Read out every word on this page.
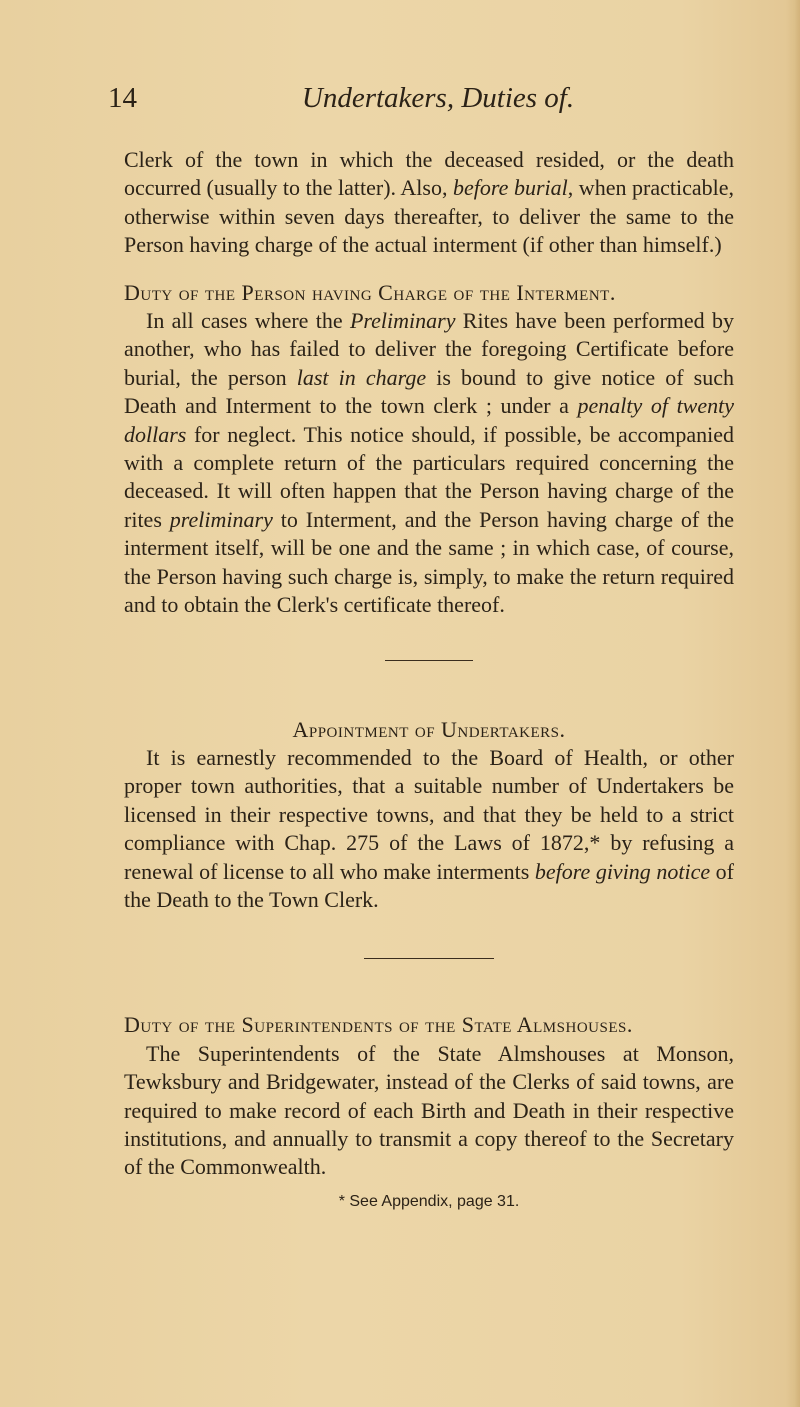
14	Undertakers, Duties of.

Clerk of the town in which the deceased resided, or the death occurred (usually to the latter). Also, before burial, when practicable, otherwise within seven days thereafter, to deliver the same to the Person having charge of the actual interment (if other than himself.)

Duty of the Person having Charge of the Interment.

In all cases where the Preliminary Rites have been performed by another, who has failed to deliver the foregoing Certificate before burial, the person last in charge is bound to give notice of such Death and Interment to the town clerk ; under a penalty of twenty dollars for neglect. This notice should, if possible, be accompanied with a complete return of the particulars required concerning the deceased. It will often happen that the Person having charge of the rites preliminary to Interment, and the Person having charge of the interment itself, will be one and the same ; in which case, of course, the Person having such charge is, simply, to make the return required and to obtain the Clerk's certificate thereof.

Appointment of Undertakers.

It is earnestly recommended to the Board of Health, or other proper town authorities, that a suitable number of Undertakers be licensed in their respective towns, and that they be held to a strict compliance with Chap. 275 of the Laws of 1872,* by refusing a renewal of license to all who make interments before giving notice of the Death to the Town Clerk.

Duty of the Superintendents of the State Almshouses.

The Superintendents of the State Almshouses at Monson, Tewksbury and Bridgewater, instead of the Clerks of said towns, are required to make record of each Birth and Death in their respective institutions, and annually to transmit a copy thereof to the Secretary of the Commonwealth.

* See Appendix, page 31.
